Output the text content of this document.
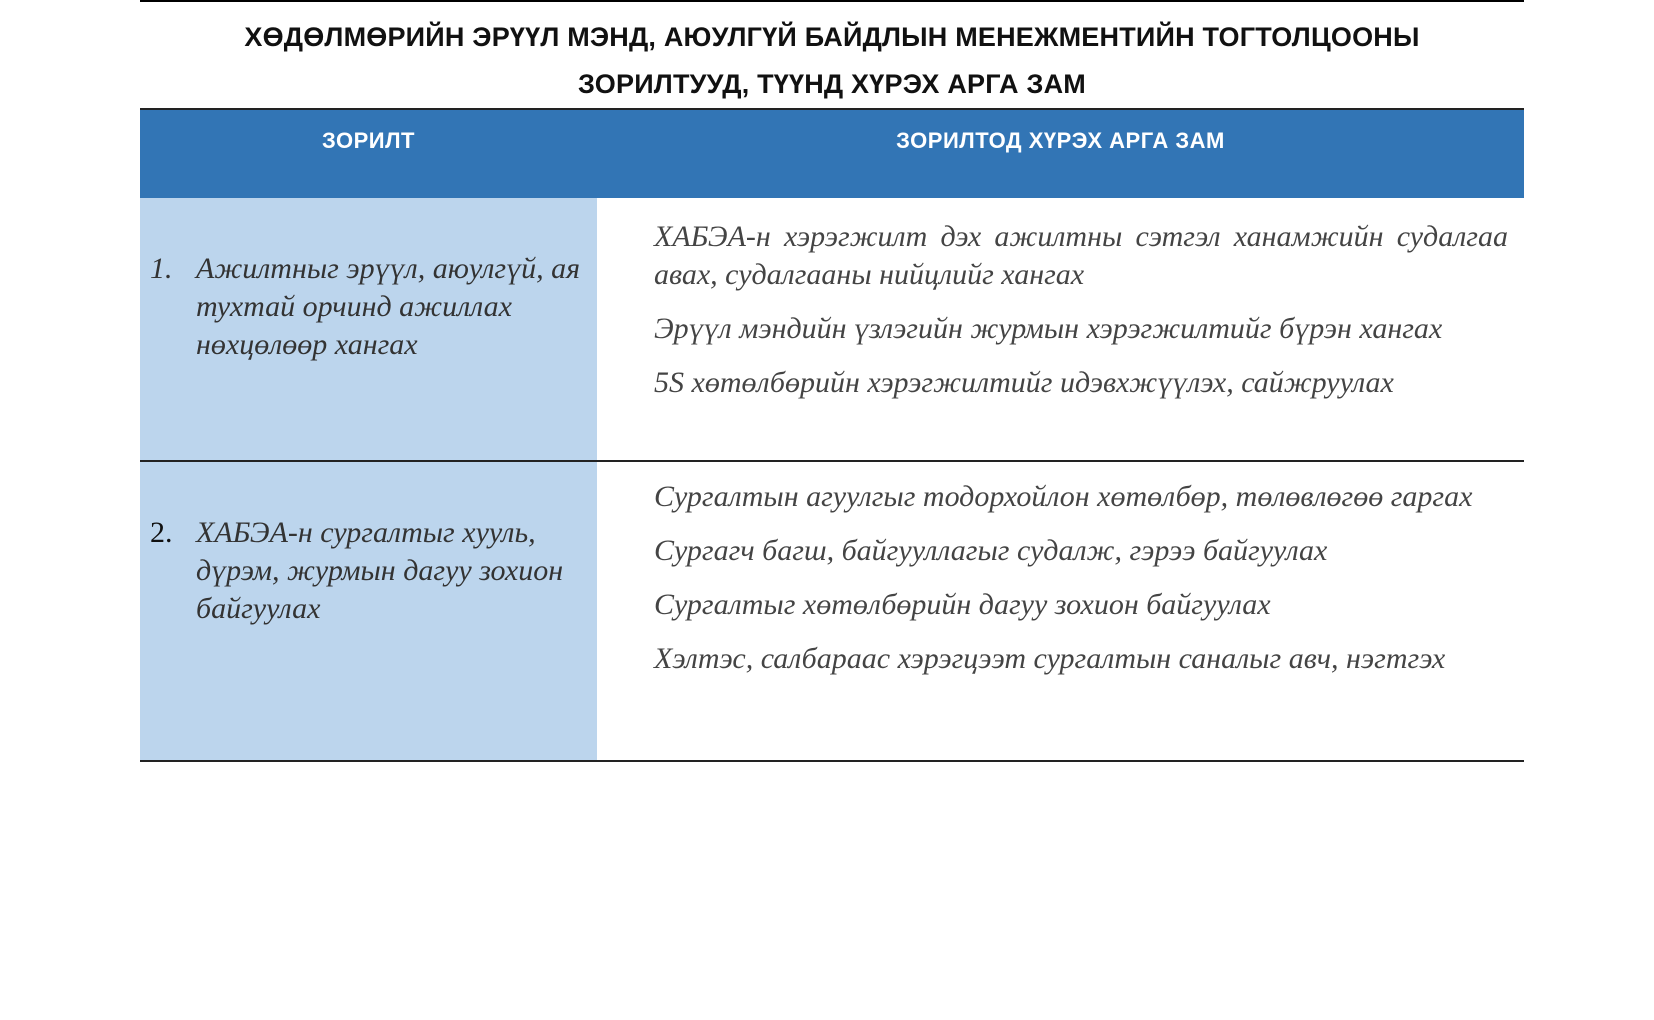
ХӨДӨЛМӨРИЙН ЭРҮҮЛ МЭНД, АЮУЛГҮЙ БАЙДЛЫН МЕНЕЖМЕНТИЙН ТОГТОЛЦООНЫ
ЗОРИЛТУУД, ТҮҮНД ХҮРЭХ АРГА ЗАМ
ЗОРИЛТ	ЗОРИЛТОД ХҮРЭХ АРГА ЗАМ
1. Ажилтныг эрүүл, аюулгүй, ая тухтай орчинд ажиллах нөхцөлөөр хангах
ХАБЭА-н хэрэгжилт дэх ажилтны сэтгэл ханамжийн судалгаа авах, судалгааны нийцлийг хангах
Эрүүл мэндийн үзлэгийн журмын хэрэгжилтийг бүрэн хангах
5S хөтөлбөрийн хэрэгжилтийг идэвхжүүлэх, сайжруулах
2. ХАБЭА-н сургалтыг хууль, дүрэм, журмын дагуу зохион байгуулах
Сургалтын агуулгыг тодорхойлон хөтөлбөр, төлөвлөгөө гаргах
Сургагч багш, байгууллагыг судалж, гэрээ байгуулах
Сургалтыг хөтөлбөрийн дагуу зохион байгуулах
Хэлтэс, салбараас хэрэгцээт сургалтын саналыг авч, нэгтгэх
